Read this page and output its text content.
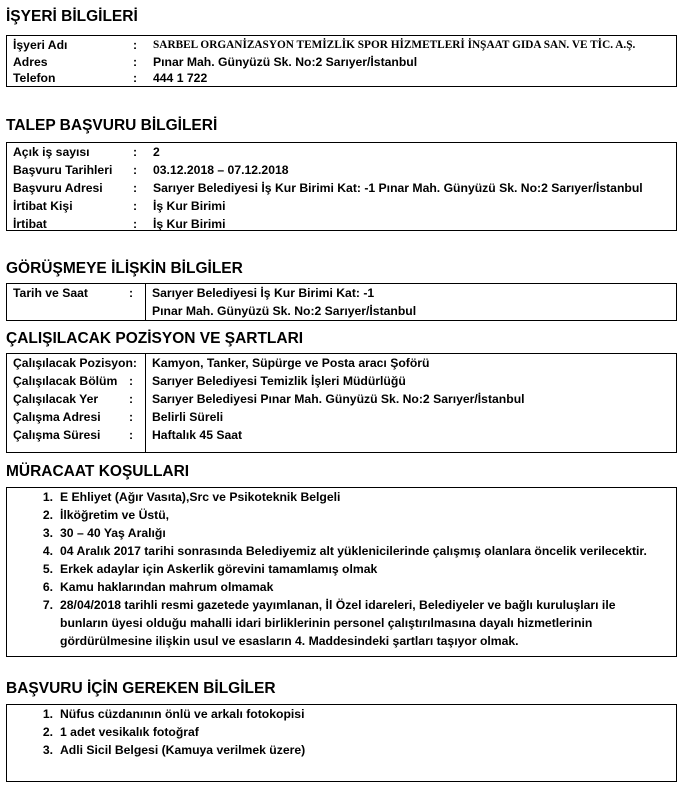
İŞYERİ BİLGİLERİ
İşyeri Adı	: SARBEL ORGANİZASYON TEMİZLİK SPOR HİZMETLERİ İNŞAAT GIDA SAN. VE TİC. A.Ş.
Adres	: Pınar Mah. Günyüzü Sk. No:2 Sarıyer/İstanbul
Telefon	: 444 1 722
TALEP BAŞVURU BİLGİLERİ
Açık iş sayısı	: 2
Başvuru Tarihleri : 03.12.2018 – 07.12.2018
Başvuru Adresi : Sarıyer Belediyesi İş Kur Birimi Kat: -1 Pınar Mah. Günyüzü Sk. No:2 Sarıyer/İstanbul
İrtibat Kişi	: İş Kur Birimi
İrtibat	: İş Kur Birimi
GÖRÜŞMEYE İLİŞKİN BİLGİLER
Tarih ve Saat	: Sarıyer Belediyesi İş Kur Birimi Kat: -1
Pınar Mah. Günyüzü Sk. No:2 Sarıyer/İstanbul
ÇALIŞILACAK POZİSYON VE ŞARTLARI
Çalışılacak Pozisyon: Kamyon, Tanker, Süpürge ve Posta aracı Şoförü
Çalışılacak Bölüm : Sarıyer Belediyesi Temizlik İşleri Müdürlüğü
Çalışılacak Yer	: Sarıyer Belediyesi Pınar Mah. Günyüzü Sk. No:2 Sarıyer/İstanbul
Çalışma Adresi : Belirli Süreli
Çalışma Süresi : Haftalık 45 Saat
MÜRACAAT KOŞULLARI
1. E Ehliyet (Ağır Vasıta),Src ve Psikoteknik Belgeli
2. İlköğretim ve Üstü,
3. 30 – 40 Yaş Aralığı
4. 04 Aralık 2017 tarihi sonrasında Belediyemiz alt yüklenicilerinde çalışmış olanlara öncelik verilecektir.
5. Erkek adaylar için Askerlik görevini tamamlamış olmak
6. Kamu haklarından mahrum olmamak
7. 28/04/2018 tarihli resmi gazetede yayımlanan, İl Özel idareleri, Belediyeler ve bağlı kuruluşları ile
bunların üyesi olduğu mahalli idari birliklerinin personel çalıştırılmasına dayalı hizmetlerinin
gördürülmesine ilişkin usul ve esasların 4. Maddesindeki şartları taşıyor olmak.
BAŞVURU İÇİN GEREKEN BİLGİLER
1. Nüfus cüzdanının önlü ve arkalı fotokopisi
2. 1 adet vesikalık fotoğraf
3. Adli Sicil Belgesi (Kamuya verilmek üzere)
